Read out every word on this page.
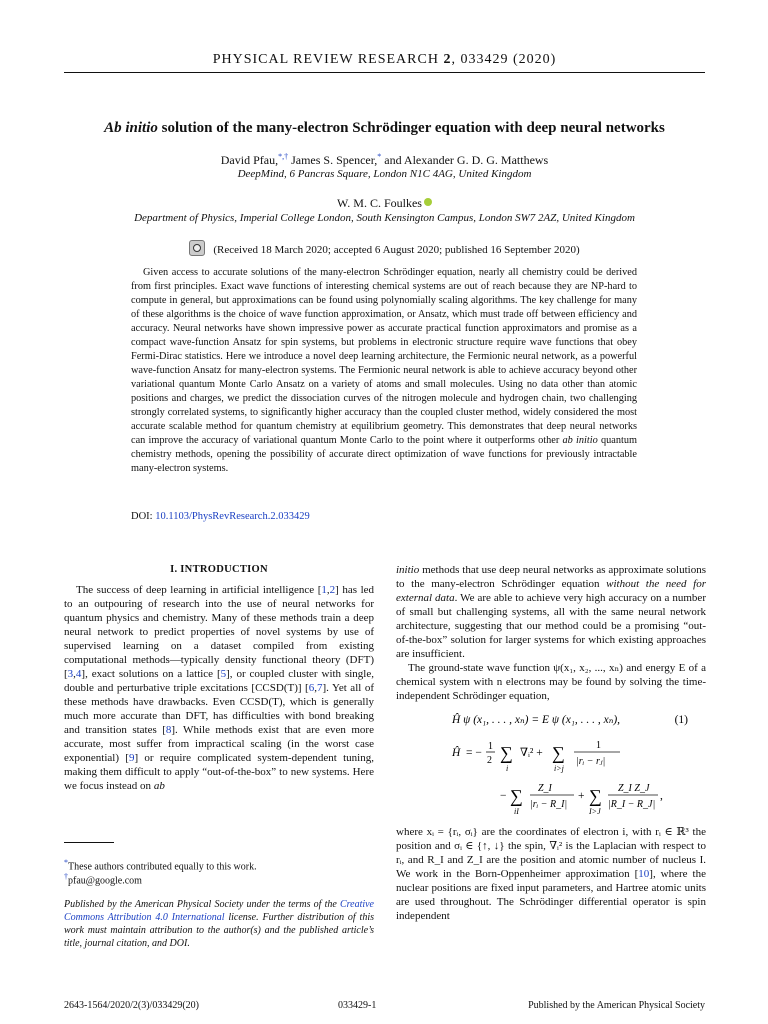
PHYSICAL REVIEW RESEARCH 2, 033429 (2020)
Ab initio solution of the many-electron Schrödinger equation with deep neural networks
David Pfau,*,† James S. Spencer,* and Alexander G. D. G. Matthews
DeepMind, 6 Pancras Square, London N1C 4AG, United Kingdom
W. M. C. Foulkes
Department of Physics, Imperial College London, South Kensington Campus, London SW7 2AZ, United Kingdom
(Received 18 March 2020; accepted 6 August 2020; published 16 September 2020)
Given access to accurate solutions of the many-electron Schrödinger equation, nearly all chemistry could be derived from first principles. Exact wave functions of interesting chemical systems are out of reach because they are NP-hard to compute in general, but approximations can be found using polynomially scaling algorithms. The key challenge for many of these algorithms is the choice of wave function approximation, or Ansatz, which must trade off between efficiency and accuracy. Neural networks have shown impressive power as accurate practical function approximators and promise as a compact wave-function Ansatz for spin systems, but problems in electronic structure require wave functions that obey Fermi-Dirac statistics. Here we introduce a novel deep learning architecture, the Fermionic neural network, as a powerful wave-function Ansatz for many-electron systems. The Fermionic neural network is able to achieve accuracy beyond other variational quantum Monte Carlo Ansatz on a variety of atoms and small molecules. Using no data other than atomic positions and charges, we predict the dissociation curves of the nitrogen molecule and hydrogen chain, two challenging strongly correlated systems, to significantly higher accuracy than the coupled cluster method, widely considered the most accurate scalable method for quantum chemistry at equilibrium geometry. This demonstrates that deep neural networks can improve the accuracy of variational quantum Monte Carlo to the point where it outperforms other ab initio quantum chemistry methods, opening the possibility of accurate direct optimization of wave functions for previously intractable many-electron systems.
DOI: 10.1103/PhysRevResearch.2.033429
I. INTRODUCTION

The success of deep learning in artificial intelligence [1,2] has led to an outpouring of research into the use of neural networks for quantum physics and chemistry. Many of these methods train a deep neural network to predict properties of novel systems by use of supervised learning on a dataset compiled from existing computational methods—typically density functional theory (DFT) [3,4], exact solutions on a lattice [5], or coupled cluster with single, double and perturbative triple excitations [CCSD(T)] [6,7]. Yet all of these methods have drawbacks. Even CCSD(T), which is generally much more accurate than DFT, has difficulties with bond breaking and transition states [8]. While methods exist that are even more accurate, most suffer from impractical scaling (in the worst case exponential) [9] or require complicated system-dependent tuning, making them difficult to apply “out-of-the-box” to new systems. Here we focus instead on ab

*These authors contributed equally to this work.
†pfau@google.com
Published by the American Physical Society under the terms of the Creative Commons Attribution 4.0 International license. Further distribution of this work must maintain attribution to the author(s) and the published article’s title, journal citation, and DOI.

initio methods that use deep neural networks as approximate solutions to the many-electron Schrödinger equation without the need for external data. We are able to achieve very high accuracy on a number of small but challenging systems, all with the same neural network architecture, suggesting that our method could be a promising “out-of-the-box” solution for larger systems for which existing approaches are insufficient.

The ground-state wave function ψ(x₁, x₂, ..., xₙ) and energy E of a chemical system with n electrons may be found by solving the time-independent Schrödinger equation,

Ĥ ψ (x₁, . . . , xₙ) = E ψ (x₁, . . . , xₙ),	(1)
Ĥ = −
1
2 ∑
i
∇ᵢ² + ∑
i>j
1
|rᵢ − rⱼ|
− ∑
iI
Z_I
|rᵢ − R_I|
+ ∑
I>J
Z_I Z_J
|R_I − R_J|
,

where xᵢ = {rᵢ, σᵢ} are the coordinates of electron i, with rᵢ ∈ ℝ³ the position and σᵢ ∈ {↑, ↓} the spin, ∇ᵢ² is the Laplacian with respect to rᵢ, and R_I and Z_I are the position and atomic number of nucleus I. We work in the Born-Oppenheimer approximation [10], where the nuclear positions are fixed input parameters, and Hartree atomic units are used throughout. The Schrödinger differential operator is spin independent

2643-1564/2020/2(3)/033429(20)	033429-1	Published by the American Physical Society
